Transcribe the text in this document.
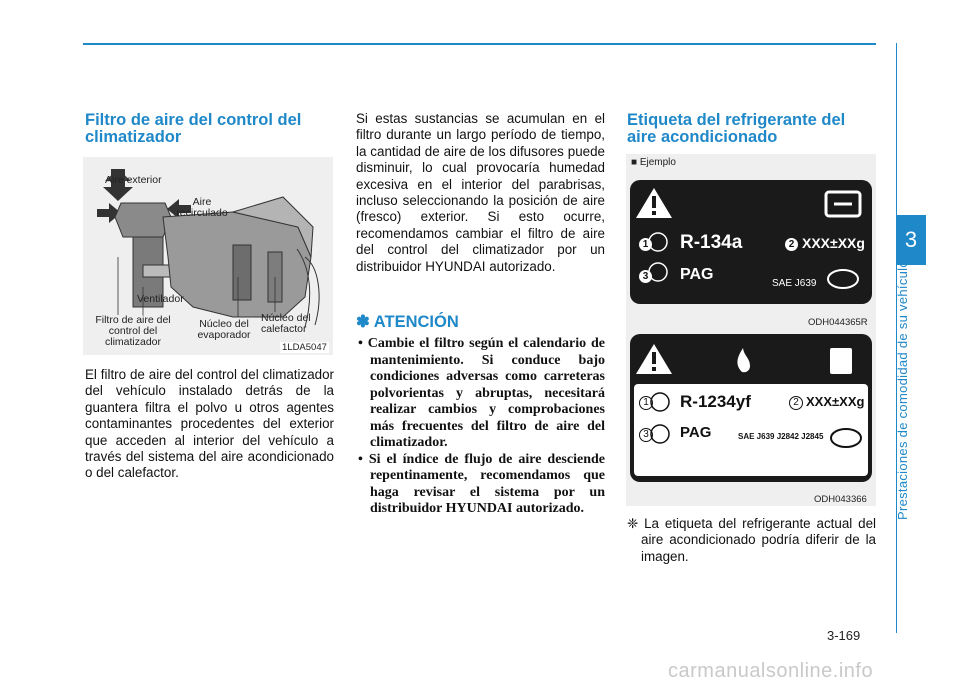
3
Prestaciones de comodidad de su vehículo
Filtro de aire del control del climatizador
Aire exterior
Aire recirculado
Ventilador
Filtro de aire del control del climatizador
Núcleo del evaporador
Núcleo del calefactor
1LDA5047

El filtro de aire del control del climatizador del vehículo instalado detrás de la guantera filtra el polvo u otros agentes contaminantes procedentes del exterior que acceden al interior del vehículo a través del sistema del aire acondicionado o del calefactor.

Si estas sustancias se acumulan en el filtro durante un largo período de tiempo, la cantidad de aire de los difusores puede disminuir, lo cual provocaría humedad excesiva en el interior del parabrisas, incluso seleccionando la posición de aire (fresco) exterior. Si esto ocurre, recomendamos cambiar el filtro de aire del control del climatizador por un distribuidor HYUNDAI autorizado.

✽ ATENCIÓN
• Cambie el filtro según el calendario de mantenimiento. Si conduce bajo condiciones adversas como carreteras polvorientas y abruptas, necesitará realizar cambios y comprobaciones más frecuentes del filtro de aire del climatizador.
• Si el índice de flujo de aire desciende repentinamente, recomendamos que haga revisar el sistema por un distribuidor HYUNDAI autorizado.
Etiqueta del refrigerante del aire acondicionado
■ Ejemplo
1 R-134a	2 XXX±XXg
3 PAG
SAE J639
ODH044365R
1 R-1234yf	2 XXX±XXg
3 PAG	SAE J639 J2842 J2845
ODH043366

❈ La etiqueta del refrigerante actual del aire acondicionado podría diferir de la imagen.

3-169
carmanualsonline.info
